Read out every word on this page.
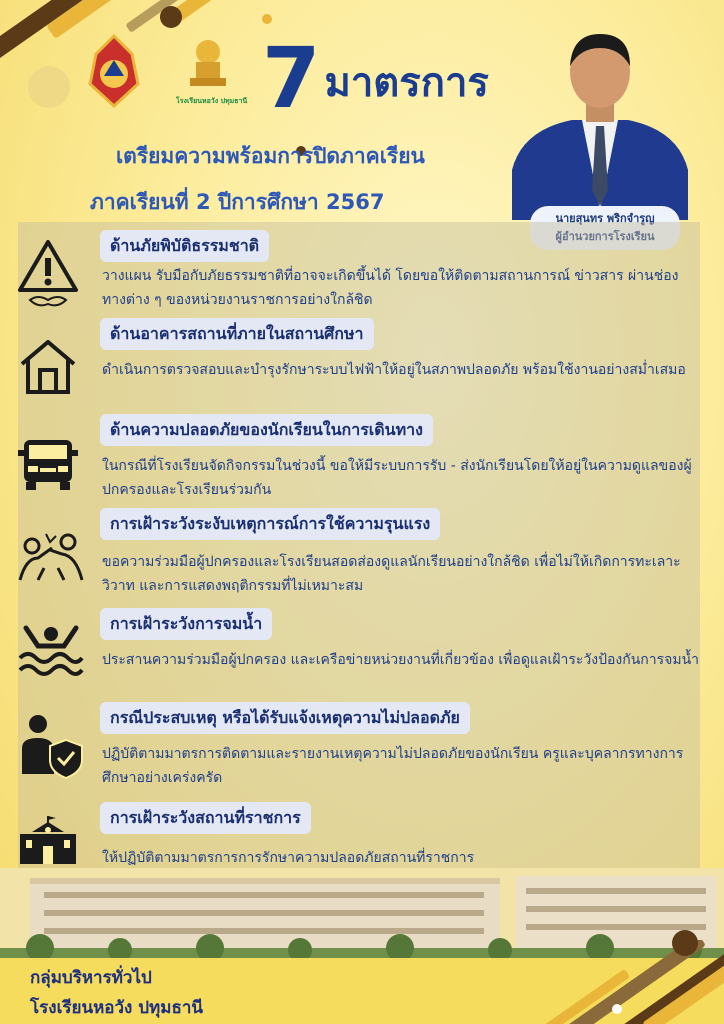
โรงเรียนหอวัง ปทุมธานี 7 มาตรการ
เตรียมความพร้อมการปิดภาคเรียน
ภาคเรียนที่ 2 ปีการศึกษา 2567
นายสุนทร พริกจำรูญ
ผู้อำนวยการโรงเรียน
ด้านภัยพิบัติธรรมชาติ
วางแผน รับมือกับภัยธรรมชาติที่อาจจะเกิดขึ้นได้ โดยขอให้ติดตามสถานการณ์ ข่าวสาร ผ่านช่องทางต่าง ๆ ของหน่วยงานราชการอย่างใกล้ชิด
ด้านอาคารสถานที่ภายในสถานศึกษา
ดำเนินการตรวจสอบและบำรุงรักษาระบบไฟฟ้าให้อยู่ในสภาพปลอดภัย พร้อมใช้งานอย่างสม่ำเสมอ
ด้านความปลอดภัยของนักเรียนในการเดินทาง
ในกรณีที่โรงเรียนจัดกิจกรรมในช่วงนี้ ขอให้มีระบบการรับ - ส่งนักเรียนโดยให้อยู่ในความดูแลของผู้ปกครองและโรงเรียนร่วมกัน
การเฝ้าระวังระงับเหตุการณ์การใช้ความรุนแรง
ขอความร่วมมือผู้ปกครองและโรงเรียนสอดส่องดูแลนักเรียนอย่างใกล้ชิด เพื่อไม่ให้เกิดการทะเลาะวิวาท และการแสดงพฤติกรรมที่ไม่เหมาะสม
การเฝ้าระวังการจมน้ำ
ประสานความร่วมมือผู้ปกครอง และเครือข่ายหน่วยงานที่เกี่ยวข้อง เพื่อดูแลเฝ้าระวังป้องกันการจมน้ำ
กรณีประสบเหตุ หรือได้รับแจ้งเหตุความไม่ปลอดภัย
ปฏิบัติตามมาตรการติดตามและรายงานเหตุความไม่ปลอดภัยของนักเรียน ครูและบุคลากรทางการศึกษาอย่างเคร่งครัด
การเฝ้าระวังสถานที่ราชการ
ให้ปฏิบัติตามมาตรการการรักษาความปลอดภัยสถานที่ราชการ
กลุ่มบริหารทั่วไป
โรงเรียนหอวัง ปทุมธานี
